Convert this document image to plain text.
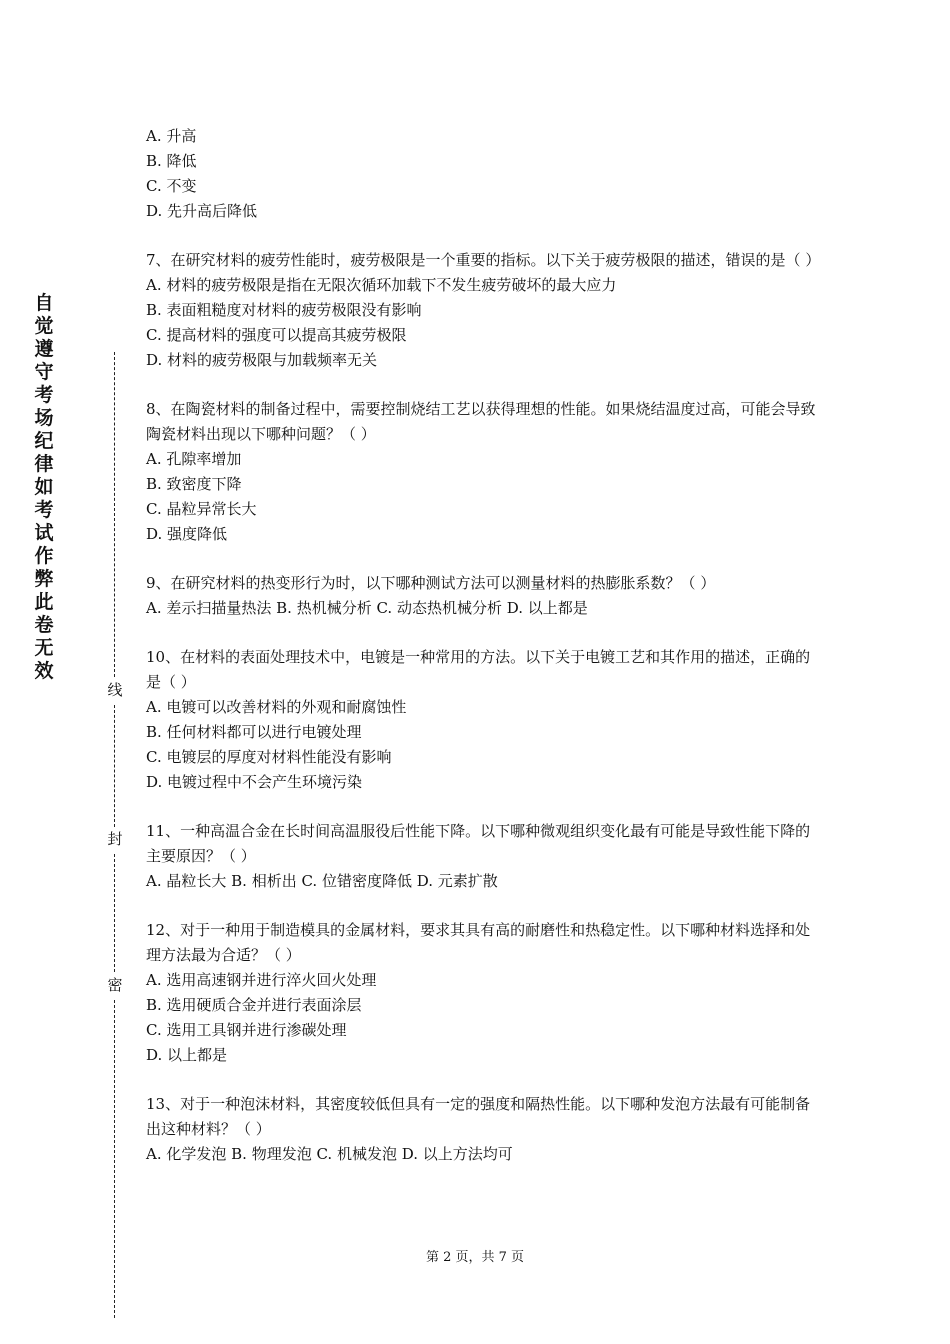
自觉遵守考场纪律如考试作弊此卷无效
线
封
密
A. 升高
B. 降低
C. 不变
D. 先升高后降低
7、在研究材料的疲劳性能时，疲劳极限是一个重要的指标。以下关于疲劳极限的描述，错误的是（ ）
A. 材料的疲劳极限是指在无限次循环加载下不发生疲劳破坏的最大应力
B. 表面粗糙度对材料的疲劳极限没有影响
C. 提高材料的强度可以提高其疲劳极限
D. 材料的疲劳极限与加载频率无关
8、在陶瓷材料的制备过程中，需要控制烧结工艺以获得理想的性能。如果烧结温度过高，可能会导致陶瓷材料出现以下哪种问题？（ ）
A. 孔隙率增加
B. 致密度下降
C. 晶粒异常长大
D. 强度降低
9、在研究材料的热变形行为时，以下哪种测试方法可以测量材料的热膨胀系数？（ ）
A. 差示扫描量热法 B. 热机械分析 C. 动态热机械分析 D. 以上都是
10、在材料的表面处理技术中，电镀是一种常用的方法。以下关于电镀工艺和其作用的描述，正确的是（ ）
A. 电镀可以改善材料的外观和耐腐蚀性
B. 任何材料都可以进行电镀处理
C. 电镀层的厚度对材料性能没有影响
D. 电镀过程中不会产生环境污染
11、一种高温合金在长时间高温服役后性能下降。以下哪种微观组织变化最有可能是导致性能下降的主要原因？（ ）
A. 晶粒长大 B. 相析出 C. 位错密度降低 D. 元素扩散
12、对于一种用于制造模具的金属材料，要求其具有高的耐磨性和热稳定性。以下哪种材料选择和处理方法最为合适？（ ）
A. 选用高速钢并进行淬火回火处理
B. 选用硬质合金并进行表面涂层
C. 选用工具钢并进行渗碳处理
D. 以上都是
13、对于一种泡沫材料，其密度较低但具有一定的强度和隔热性能。以下哪种发泡方法最有可能制备出这种材料？（ ）
A. 化学发泡 B. 物理发泡 C. 机械发泡 D. 以上方法均可
第 2 页，共 7 页
